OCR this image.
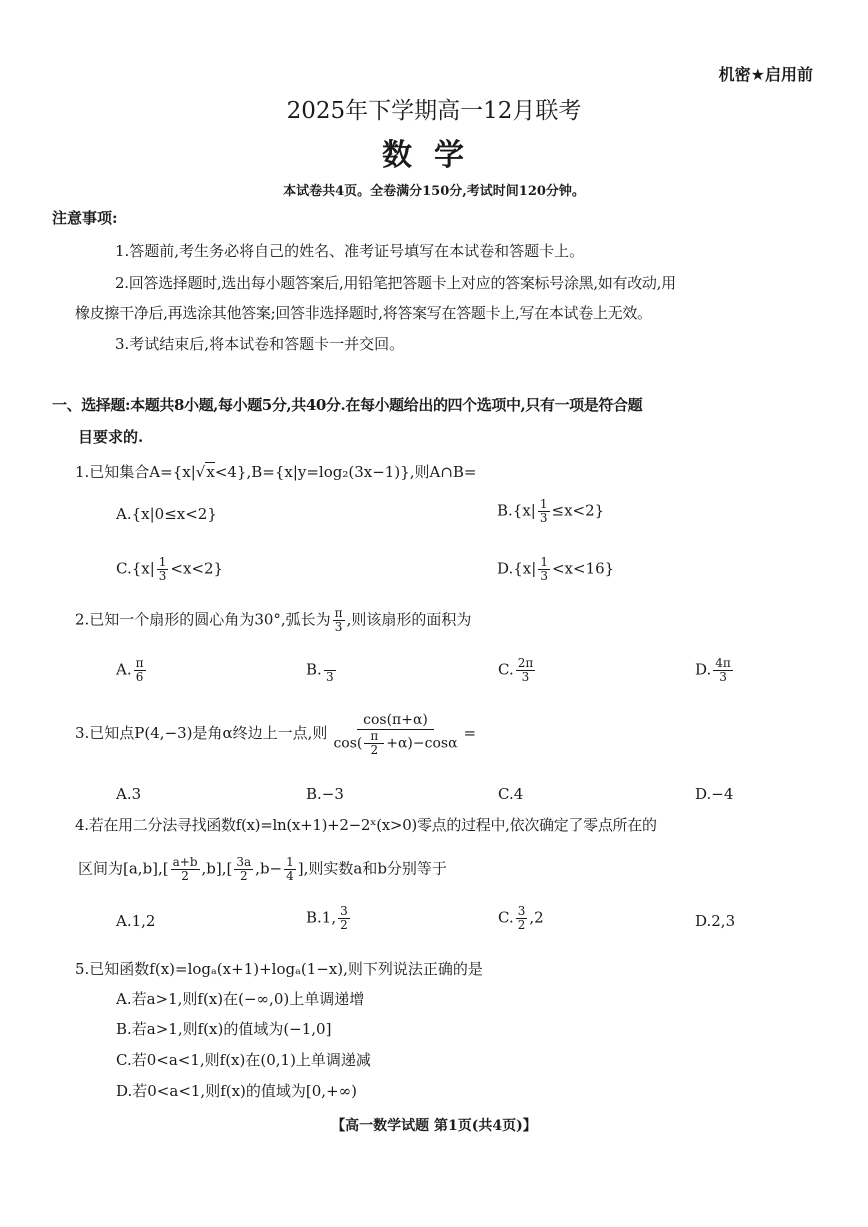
机密★启用前
2025年下学期高一12月联考
数学
本试卷共4页。全卷满分150分,考试时间120分钟。
注意事项:
1.答题前,考生务必将自己的姓名、准考证号填写在本试卷和答题卡上。
2.回答选择题时,选出每小题答案后,用铅笔把答题卡上对应的答案标号涂黑,如有改动,用
橡皮擦干净后,再选涂其他答案;回答非选择题时,将答案写在答题卡上,写在本试卷上无效。
3.考试结束后,将本试卷和答题卡一并交回。
一、选择题:本题共8小题,每小题5分,共40分.在每小题给出的四个选项中,只有一项是符合题
目要求的.
1.已知集合A={x|√x<4},B={x|y=log₂(3x−1)},则A∩B=
A.{x|0≤x<2}	$B.\{x| \frac{1}{3} \le x<2\}$
$C.\{x| \frac{1}{3} <x<2\}$	$D.\{x| \frac{1}{3} <x<16\}$
2.已知一个扇形的圆心角为30°,弧长为 $\frac{\pi}{3}$ ,则该扇形的面积为
A. $\frac{\pi}{6}$	B. 3	C. $\frac{2\pi}{3}$	D. $\frac{4\pi}{3}$
3.已知点P(4,−3)是角α终边上一点,则 $\frac{\cos(\pi+\alpha)}{\cos( \frac{\pi}{2} +\alpha)-\cos\alpha}$ =
A.3	B.−3	C.4	D.−4
4.若在用二分法寻找函数f(x)=ln(x+1)+2−2ˣ(x>0)零点的过程中,依次确定了零点所在的
区间为$[a,b],[ \frac{a+b}{2} ,b],[ \frac{3a}{2} ,b- \frac{1}{4}$ ],则实数a和b分别等于
A.1,2	B.1, $\frac{3}{2}$	C. $\frac{3}{2} ,2$	D.2,3
5.已知函数f(x)=logₐ(x+1)+logₐ(1−x),则下列说法正确的是
A.若a>1,则f(x)在(−∞,0)上单调递增
B.若a>1,则f(x)的值域为(−1,0]
C.若0<a<1,则f(x)在(0,1)上单调递减
D.若0<a<1,则f(x)的值域为[0,+∞)
【高一数学试题 第1页(共4页)】
